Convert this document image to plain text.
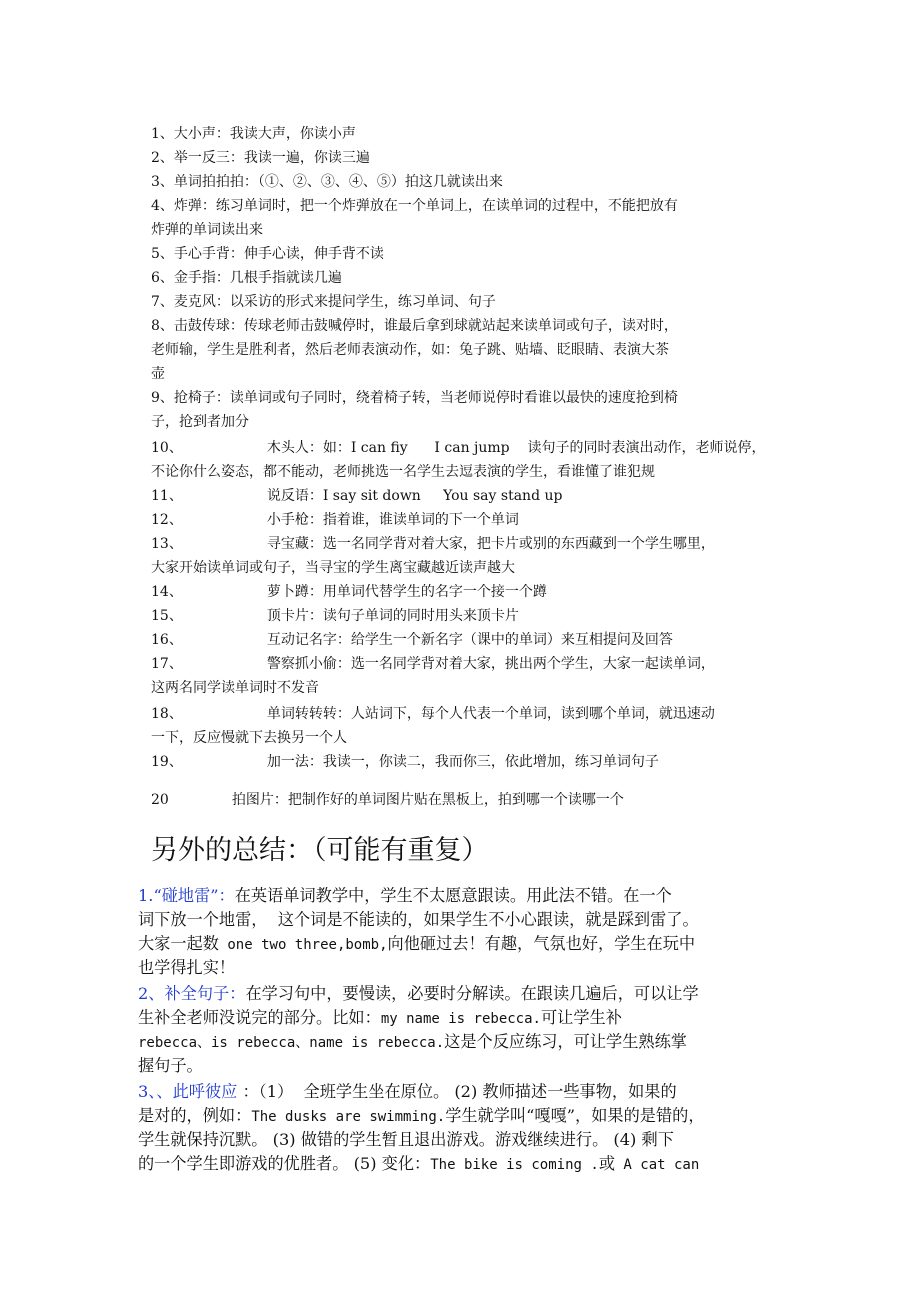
1、大小声：我读大声，你读小声
2、举一反三：我读一遍，你读三遍
3、单词拍拍拍：（①、②、③、④、⑤）拍这几就读出来
4、炸弹：练习单词时，把一个炸弹放在一个单词上，在读单词的过程中，不能把放有
炸弹的单词读出来
5、手心手背：伸手心读，伸手背不读
6、金手指：几根手指就读几遍
7、麦克风：以采访的形式来提问学生，练习单词、句子
8、击鼓传球：传球老师击鼓喊停时，谁最后拿到球就站起来读单词或句子，读对时，
老师输，学生是胜利者，然后老师表演动作，如：兔子跳、贴墙、眨眼睛、表演大茶
壶
9、抢椅子：读单词或句子同时，绕着椅子转，当老师说停时看谁以最快的速度抢到椅
子，抢到者加分
10、	木头人：如：I can fiy      I can jump    读句子的同时表演出动作，老师说停，
不论你什么姿态，都不能动，老师挑选一名学生去逗表演的学生，看谁懂了谁犯规
11、	说反语：I say sit down     You say stand up
12、	小手枪：指着谁，谁读单词的下一个单词
13、	寻宝藏：选一名同学背对着大家，把卡片或别的东西藏到一个学生哪里，
大家开始读单词或句子，当寻宝的学生离宝藏越近读声越大
14、	萝卜蹲：用单词代替学生的名字一个接一个蹲
15、	顶卡片：读句子单词的同时用头来顶卡片
16、	互动记名字：给学生一个新名字（课中的单词）来互相提问及回答
17、	警察抓小偷：选一名同学背对着大家，挑出两个学生，大家一起读单词，
这两名同学读单词时不发音
18、	单词转转转：人站词下，每个人代表一个单词，读到哪个单词，就迅速动
一下，反应慢就下去换另一个人
19、	加一法：我读一，你读二，我而你三，依此增加，练习单词句子
20	拍图片：把制作好的单词图片贴在黑板上，拍到哪一个读哪一个
另外的总结：（可能有重复）
1.“碰地雷”：在英语单词教学中，学生不太愿意跟读。用此法不错。在一个
词下放一个地雷，  这个词是不能读的，如果学生不小心跟读，就是踩到雷了。
大家一起数 one two three,bomb,向他砸过去！有趣，气氛也好，学生在玩中
也学得扎实！
2、补全句子：在学习句中，要慢读，必要时分解读。在跟读几遍后，可以让学
生补全老师没说完的部分。比如：my name is rebecca.可让学生补
rebecca、is rebecca、name is rebecca.这是个反应练习，可让学生熟练掌
握句子。
3、、此呼彼应 ：（1）  全班学生坐在原位。 (2) 教师描述一些事物，如果的
是对的，例如：The dusks are swimming.学生就学叫“嘎嘎”，如果的是错的，
学生就保持沉默。 (3) 做错的学生暂且退出游戏。游戏继续进行。 (4) 剩下
的一个学生即游戏的优胜者。 (5) 变化：The bike is coming .或 A cat can
